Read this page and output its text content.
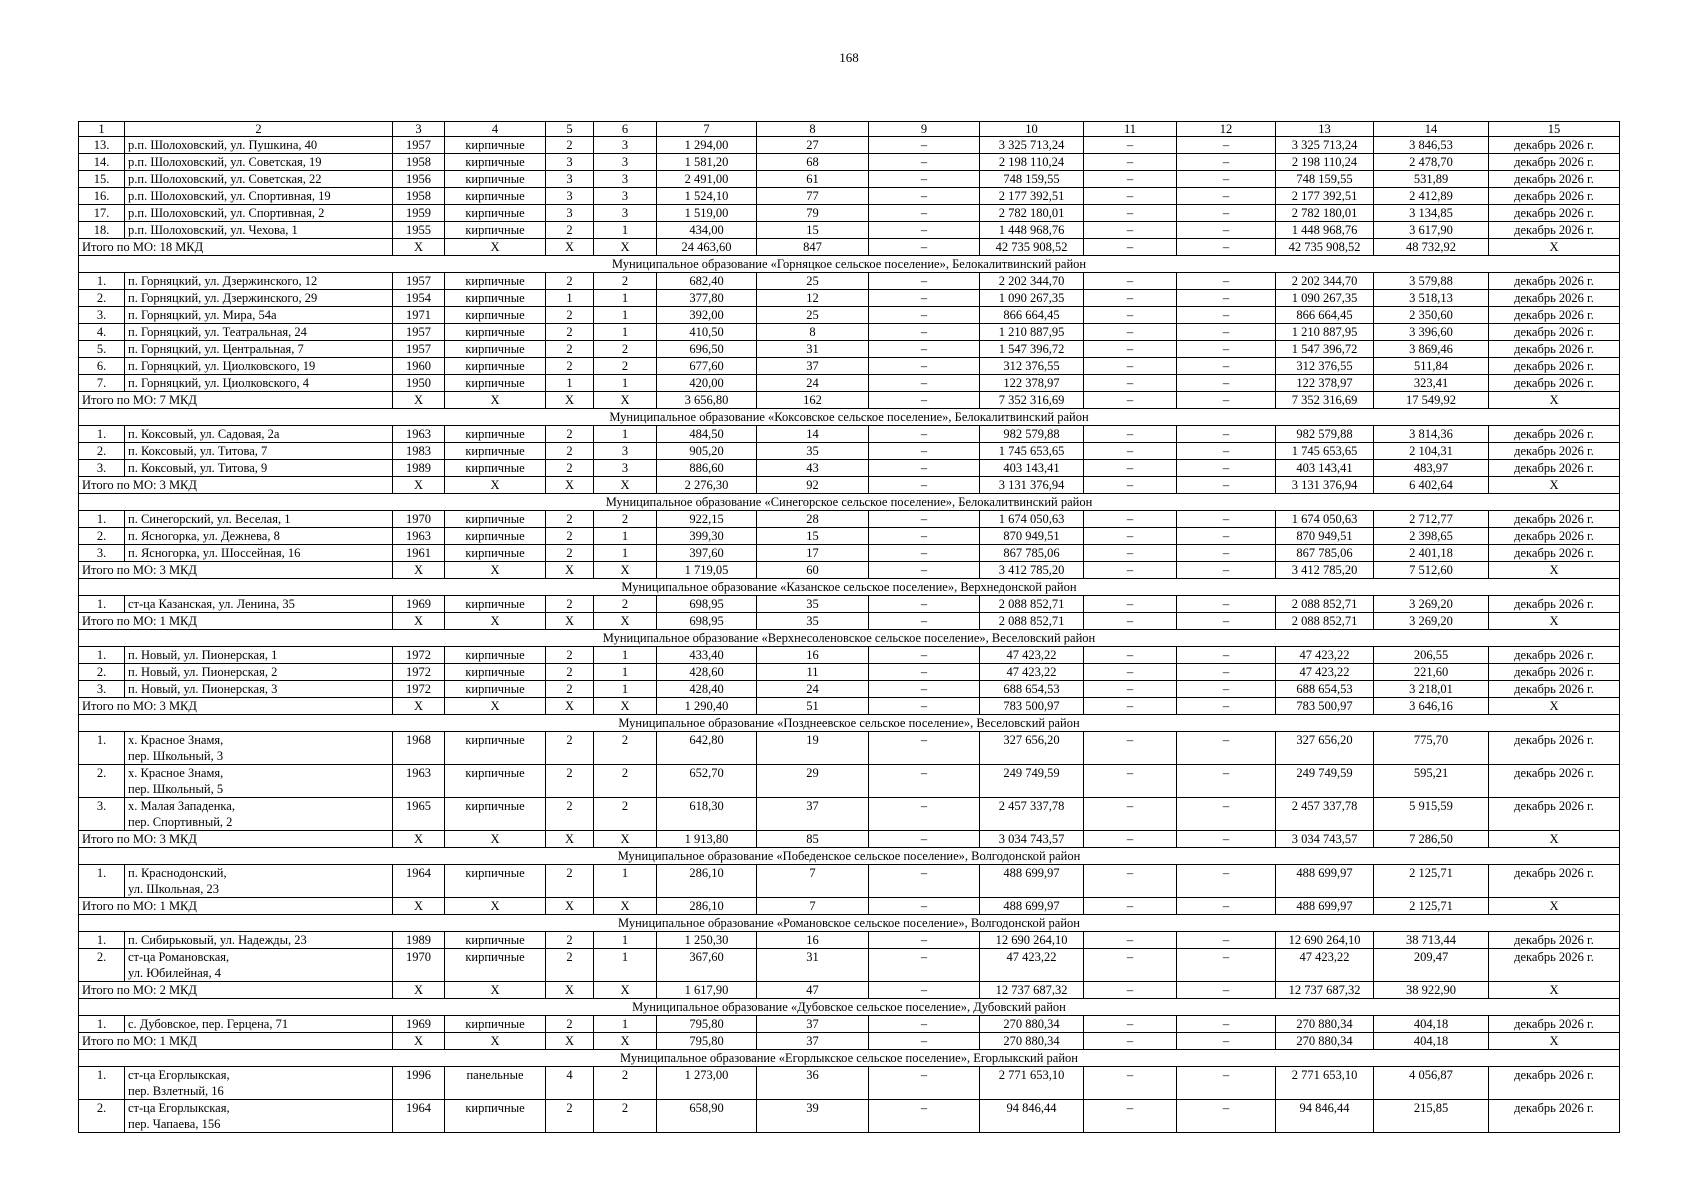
168
1	2	3	4	5	6	7	8	9	10	11	12	13	14	15
13.	р.п. Шолоховский, ул. Пушкина, 40	1957	кирпичные	2	3	1 294,00	27	–	3 325 713,24	–	–	3 325 713,24	3 846,53	декабрь 2026 г.
14.	р.п. Шолоховский, ул. Советская, 19	1958	кирпичные	3	3	1 581,20	68	–	2 198 110,24	–	–	2 198 110,24	2 478,70	декабрь 2026 г.
15.	р.п. Шолоховский, ул. Советская, 22	1956	кирпичные	3	3	2 491,00	61	–	748 159,55	–	–	748 159,55	531,89	декабрь 2026 г.
16.	р.п. Шолоховский, ул. Спортивная, 19	1958	кирпичные	3	3	1 524,10	77	–	2 177 392,51	–	–	2 177 392,51	2 412,89	декабрь 2026 г.
17.	р.п. Шолоховский, ул. Спортивная, 2	1959	кирпичные	3	3	1 519,00	79	–	2 782 180,01	–	–	2 782 180,01	3 134,85	декабрь 2026 г.
18.	р.п. Шолоховский, ул. Чехова, 1	1955	кирпичные	2	1	434,00	15	–	1 448 968,76	–	–	1 448 968,76	3 617,90	декабрь 2026 г.
Итого по МО: 18 МКД		Х	Х	Х	Х	24 463,60	847	–	42 735 908,52	–	–	42 735 908,52	48 732,92	Х
Муниципальное образование «Горняцкое сельское поселение», Белокалитвинский район														
1.	п. Горняцкий, ул. Дзержинского, 12	1957	кирпичные	2	2	682,40	25	–	2 202 344,70	–	–	2 202 344,70	3 579,88	декабрь 2026 г.
2.	п. Горняцкий, ул. Дзержинского, 29	1954	кирпичные	1	1	377,80	12	–	1 090 267,35	–	–	1 090 267,35	3 518,13	декабрь 2026 г.
3.	п. Горняцкий, ул. Мира, 54а	1971	кирпичные	2	1	392,00	25	–	866 664,45	–	–	866 664,45	2 350,60	декабрь 2026 г.
4.	п. Горняцкий, ул. Театральная, 24	1957	кирпичные	2	1	410,50	8	–	1 210 887,95	–	–	1 210 887,95	3 396,60	декабрь 2026 г.
5.	п. Горняцкий, ул. Центральная, 7	1957	кирпичные	2	2	696,50	31	–	1 547 396,72	–	–	1 547 396,72	3 869,46	декабрь 2026 г.
6.	п. Горняцкий, ул. Циолковского, 19	1960	кирпичные	2	2	677,60	37	–	312 376,55	–	–	312 376,55	511,84	декабрь 2026 г.
7.	п. Горняцкий, ул. Циолковского, 4	1950	кирпичные	1	1	420,00	24	–	122 378,97	–	–	122 378,97	323,41	декабрь 2026 г.
Итого по МО: 7 МКД		Х	Х	Х	Х	3 656,80	162	–	7 352 316,69	–	–	7 352 316,69	17 549,92	Х
Муниципальное образование «Коксовское сельское поселение», Белокалитвинский район														
1.	п. Коксовый, ул. Садовая, 2а	1963	кирпичные	2	1	484,50	14	–	982 579,88	–	–	982 579,88	3 814,36	декабрь 2026 г.
2.	п. Коксовый, ул. Титова, 7	1983	кирпичные	2	3	905,20	35	–	1 745 653,65	–	–	1 745 653,65	2 104,31	декабрь 2026 г.
3.	п. Коксовый, ул. Титова, 9	1989	кирпичные	2	3	886,60	43	–	403 143,41	–	–	403 143,41	483,97	декабрь 2026 г.
Итого по МО: 3 МКД		Х	Х	Х	Х	2 276,30	92	–	3 131 376,94	–	–	3 131 376,94	6 402,64	Х
Муниципальное образование «Синегорское сельское поселение», Белокалитвинский район														
1.	п. Синегорский, ул. Веселая, 1	1970	кирпичные	2	2	922,15	28	–	1 674 050,63	–	–	1 674 050,63	2 712,77	декабрь 2026 г.
2.	п. Ясногорка, ул. Дежнева, 8	1963	кирпичные	2	1	399,30	15	–	870 949,51	–	–	870 949,51	2 398,65	декабрь 2026 г.
3.	п. Ясногорка, ул. Шоссейная, 16	1961	кирпичные	2	1	397,60	17	–	867 785,06	–	–	867 785,06	2 401,18	декабрь 2026 г.
Итого по МО: 3 МКД		Х	Х	Х	Х	1 719,05	60	–	3 412 785,20	–	–	3 412 785,20	7 512,60	Х
Муниципальное образование «Казанское сельское поселение», Верхнедонской район														
1.	ст-ца Казанская, ул. Ленина, 35	1969	кирпичные	2	2	698,95	35	–	2 088 852,71	–	–	2 088 852,71	3 269,20	декабрь 2026 г.
Итого по МО: 1 МКД		Х	Х	Х	Х	698,95	35	–	2 088 852,71	–	–	2 088 852,71	3 269,20	Х
Муниципальное образование «Верхнесоленовское сельское поселение», Веселовский район														
1.	п. Новый, ул. Пионерская, 1	1972	кирпичные	2	1	433,40	16	–	47 423,22	–	–	47 423,22	206,55	декабрь 2026 г.
2.	п. Новый, ул. Пионерская, 2	1972	кирпичные	2	1	428,60	11	–	47 423,22	–	–	47 423,22	221,60	декабрь 2026 г.
3.	п. Новый, ул. Пионерская, 3	1972	кирпичные	2	1	428,40	24	–	688 654,53	–	–	688 654,53	3 218,01	декабрь 2026 г.
Итого по МО: 3 МКД		Х	Х	Х	Х	1 290,40	51	–	783 500,97	–	–	783 500,97	3 646,16	Х
Муниципальное образование «Позднеевское сельское поселение», Веселовский район														
1.	х. Красное Знамя,
пер. Школьный, 3	1968	кирпичные	2	2	642,80	19	–	327 656,20	–	–	327 656,20	775,70	декабрь 2026 г.
2.	х. Красное Знамя,
пер. Школьный, 5	1963	кирпичные	2	2	652,70	29	–	249 749,59	–	–	249 749,59	595,21	декабрь 2026 г.
3.	х. Малая Западенка,
пер. Спортивный, 2	1965	кирпичные	2	2	618,30	37	–	2 457 337,78	–	–	2 457 337,78	5 915,59	декабрь 2026 г.
Итого по МО: 3 МКД		Х	Х	Х	Х	1 913,80	85	–	3 034 743,57	–	–	3 034 743,57	7 286,50	Х
Муниципальное образование «Победенское сельское поселение», Волгодонской район														
1.	п. Краснодонский,
ул. Школьная, 23	1964	кирпичные	2	1	286,10	7	–	488 699,97	–	–	488 699,97	2 125,71	декабрь 2026 г.
Итого по МО: 1 МКД		Х	Х	Х	Х	286,10	7	–	488 699,97	–	–	488 699,97	2 125,71	Х
Муниципальное образование «Романовское сельское поселение», Волгодонской район														
1.	п. Сибирьковый, ул. Надежды, 23	1989	кирпичные	2	1	1 250,30	16	–	12 690 264,10	–	–	12 690 264,10	38 713,44	декабрь 2026 г.
2.	ст-ца Романовская,
ул. Юбилейная, 4	1970	кирпичные	2	1	367,60	31	–	47 423,22	–	–	47 423,22	209,47	декабрь 2026 г.
Итого по МО: 2 МКД		Х	Х	Х	Х	1 617,90	47	–	12 737 687,32	–	–	12 737 687,32	38 922,90	Х
Муниципальное образование «Дубовское сельское поселение», Дубовский район														
1.	с. Дубовское, пер. Герцена, 71	1969	кирпичные	2	1	795,80	37	–	270 880,34	–	–	270 880,34	404,18	декабрь 2026 г.
Итого по МО: 1 МКД		Х	Х	Х	Х	795,80	37	–	270 880,34	–	–	270 880,34	404,18	Х
Муниципальное образование «Егорлыкское сельское поселение», Егорлыкский район														
1.	ст-ца Егорлыкская,
пер. Взлетный, 16	1996	панельные	4	2	1 273,00	36	–	2 771 653,10	–	–	2 771 653,10	4 056,87	декабрь 2026 г.
2.	ст-ца Егорлыкская,
пер. Чапаева, 156	1964	кирпичные	2	2	658,90	39	–	94 846,44	–	–	94 846,44	215,85	декабрь 2026 г.
